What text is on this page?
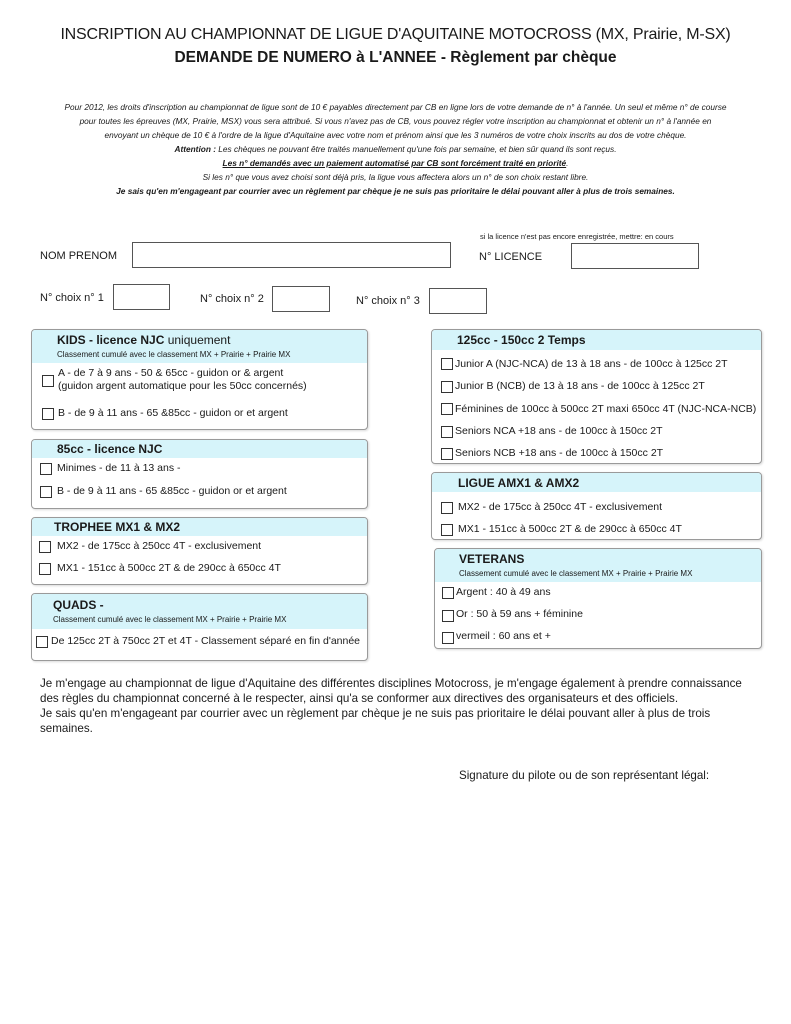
INSCRIPTION AU CHAMPIONNAT DE LIGUE D'AQUITAINE MOTOCROSS (MX, Prairie, M-SX)
DEMANDE DE NUMERO à L'ANNEE - Règlement par chèque
Pour 2012, les droits d'inscription au championnat de ligue sont de 10 € payables directement par CB en ligne lors de votre demande de n° à l'année. Un seul et même n° de course
pour toutes les épreuves (MX, Prairie, MSX) vous sera attribué. Si vous n'avez pas de CB, vous pouvez régler votre inscription au championnat et obtenir un n° à l'année en
envoyant un chèque de 10 € à l'ordre de la ligue d'Aquitaine avec votre nom et prénom ainsi que les 3 numéros de votre choix inscrits au dos de votre chèque.
Attention : Les chèques ne pouvant être traités manuellement qu'une fois par semaine, et bien sûr quand ils sont reçus.
Les n° demandés avec un paiement automatisé par CB sont forcément traité en priorité.
Si les n° que vous avez choisi sont déjà pris, la ligue vous affectera alors un n° de son choix restant libre.
Je sais qu'en m'engageant par courrier avec un règlement par chèque je ne suis pas prioritaire le délai pouvant aller à plus de trois semaines.
si la licence n'est pas encore enregistrée, mettre: en cours
NOM PRENOM	N° LICENCE
N° choix n° 1	N° choix n° 2	N° choix n° 3
KIDS - licence NJC uniquement
Classement cumulé avec le classement MX + Prairie + Prairie MX
A - de 7 à 9 ans - 50 & 65cc - guidon or & argent
(guidon argent automatique pour les 50cc concernés)
B - de 9 à 11 ans - 65 &85cc - guidon or et argent
85cc - licence NJC
Minimes - de 11 à 13 ans -
B - de 9 à 11 ans - 65 &85cc - guidon or et argent
TROPHEE MX1 & MX2
MX2 - de 175cc à 250cc 4T - exclusivement
MX1 - 151cc à 500cc 2T & de 290cc à 650cc 4T
QUADS -
Classement cumulé avec le classement MX + Prairie + Prairie MX
De 125cc 2T à 750cc 2T et 4T - Classement séparé en fin d'année
125cc - 150cc 2 Temps
Junior A (NJC-NCA) de 13 à 18 ans - de 100cc à 125cc 2T
Junior B (NCB) de 13 à 18 ans - de 100cc à 125cc 2T
Féminines de 100cc à 500cc 2T maxi 650cc 4T (NJC-NCA-NCB)
Seniors NCA +18 ans - de 100cc à 150cc 2T
Seniors NCB +18 ans - de 100cc à 150cc 2T
LIGUE AMX1 & AMX2
MX2 - de 175cc à 250cc 4T - exclusivement
MX1 - 151cc à 500cc 2T & de 290cc à 650cc 4T
VETERANS
Classement cumulé avec le classement MX + Prairie + Prairie MX
Argent : 40 à 49 ans
Or : 50 à 59 ans + féminine
vermeil : 60 ans et +
Je m'engage au championnat de ligue d'Aquitaine des différentes disciplines Motocross, je m'engage également à prendre connaissance des règles du championnat concerné à le respecter, ainsi qu'a se conformer aux directives des organisateurs et des officiels.
Je sais qu'en m'engageant par courrier avec un règlement par chèque je ne suis pas prioritaire le délai pouvant aller à plus de trois semaines.
Signature du pilote ou de son représentant légal:
